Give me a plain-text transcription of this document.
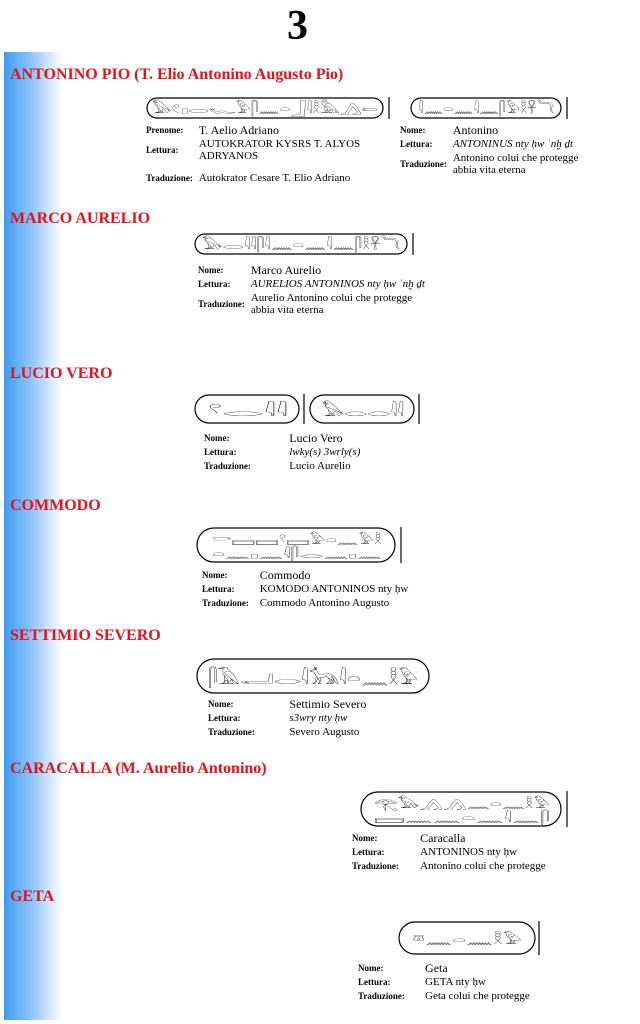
3
ANTONINO PIO (T. Elio Antonino Augusto Pio)
𓅃𓏲𓊪𓂋𓆑𓅱𓋴𓈖𓏏𓃀𓇋𓎛𓅓𓂻𓍿	𓇋𓈖𓏏𓈖𓇋𓈖𓋴𓅱𓎛𓋹𓆓
Prenome:	T. Aelio Adriano
Lettura:	AUTOKRATOR KYSRS T. ALYOS ADRYANOS
Traduzione:	Autokrator Cesare T. Elio Adriano
Nome:	Antonino
Lettura:	ANTONINUS nty ḥw ʿnḫ ḏt
Traduzione:	Antonino colui che protegge abbia vita eterna
MARCO AURELIO
𓅃𓂋𓇋𓇋𓋴𓇋𓈖𓏏𓈖𓇋𓈖𓋴𓎛𓋹𓆓
Nome:	Marco Aurelio
Lettura:	AURELIOS ANTONINOS nty ḥw ʿnḫ ḏt
Traduzione:	Aurelio Antonino colui che protegge abbia vita eterna
LUCIO VERO
𓍢𓂋𓇋𓇋	𓅃𓂋𓂋𓇋𓇋
Nome:	Lucio Vero
Lettura:	lwky(s) 3wrly(s)
Traduzione:	Lucio Aurelio
COMMODO
𓎡𓈙𓈙𓍢𓈙𓅱𓏏𓈖𓅱𓎛
𓏏𓈖𓊪𓈖𓇋𓋴𓂋𓈖𓊪𓈖
Nome:	Commodo
Lettura:	KOMODO ANTONINOS nty ḥw
Traduzione:	Commodo Antonino Augusto
SETTIMIO SEVERO
𓋴𓄿𓂝𓂋𓇋𓃥𓇋𓏏𓈖𓎛𓅱
Nome:	Settimio Severo
Lettura:	s3wry nty ḥw
Traduzione:	Severo Augusto
CARACALLA (M. Aurelio Antonino)
𓂀𓅃𓂻𓂻𓈖𓏏𓈖𓎛𓅱
𓈙𓈖𓈖𓏏𓈖𓇋𓈖𓋴
Nome:	Caracalla
Lettura:	ANTONINOS nty ḥw
Traduzione:	Antonino colui che protegge
GETA
𓎼𓈖𓏏𓈖𓎛𓅱
Nome:	Geta
Lettura:	GETA nty ḥw
Traduzione:	Geta colui che protegge
